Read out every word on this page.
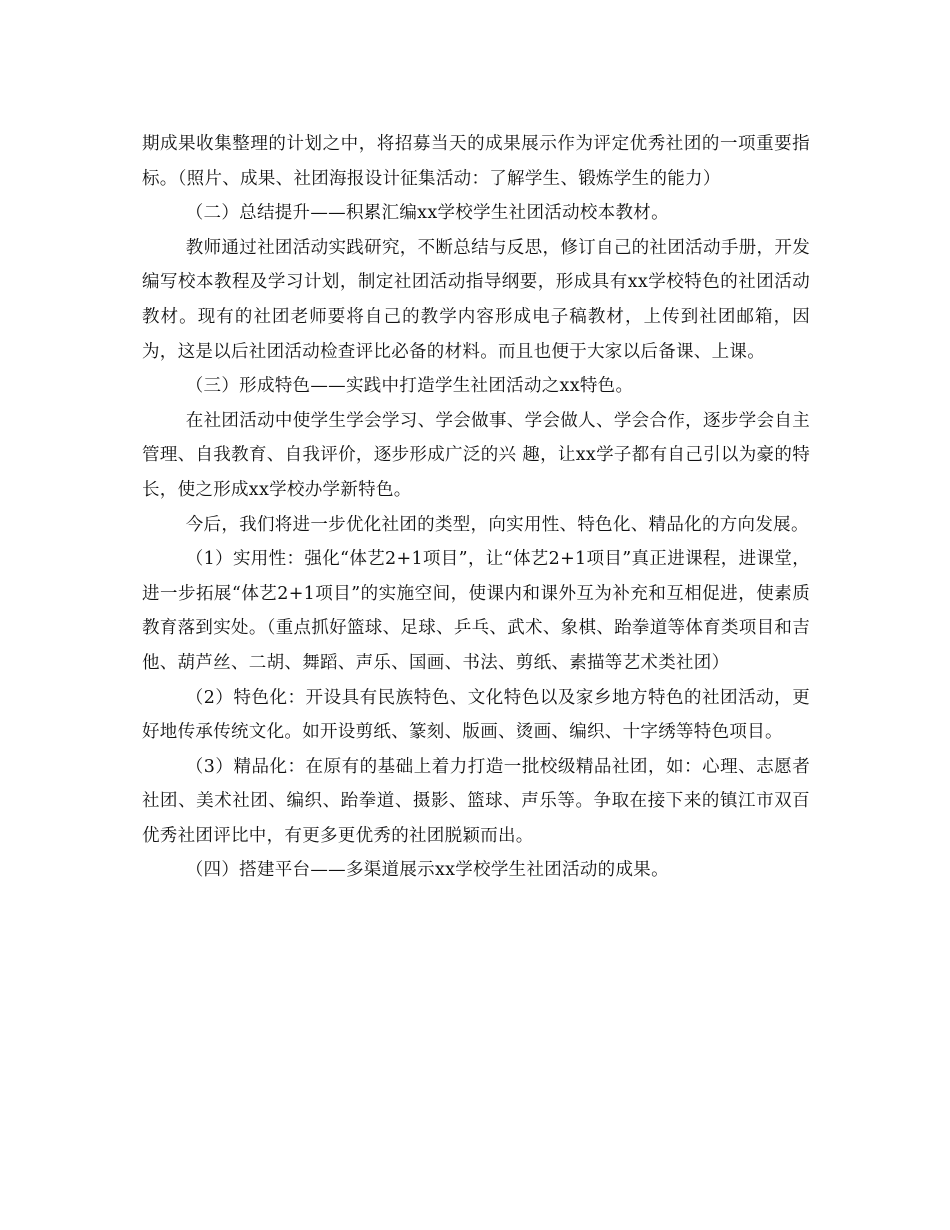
期成果收集整理的计划之中，将招募当天的成果展示作为评定优秀社团的一项重要指标。（照片、成果、社团海报设计征集活动：了解学生、锻炼学生的能力）

（二）总结提升——积累汇编xx学校学生社团活动校本教材。

教师通过社团活动实践研究，不断总结与反思，修订自己的社团活动手册，开发编写校本教程及学习计划，制定社团活动指导纲要，形成具有xx学校特色的社团活动教材。现有的社团老师要将自己的教学内容形成电子稿教材，上传到社团邮箱，因为，这是以后社团活动检查评比必备的材料。而且也便于大家以后备课、上课。

（三）形成特色——实践中打造学生社团活动之xx特色。

在社团活动中使学生学会学习、学会做事、学会做人、学会合作，逐步学会自主管理、自我教育、自我评价，逐步形成广泛的兴 趣，让xx学子都有自己引以为豪的特长，使之形成xx学校办学新特色。

今后，我们将进一步优化社团的类型，向实用性、特色化、精品化的方向发展。

（1）实用性：强化“体艺2+1项目”，让“体艺2+1项目”真正进课程，进课堂，进一步拓展“体艺2+1项目”的实施空间，使课内和课外互为补充和互相促进，使素质教育落到实处。（重点抓好篮球、足球、乒乓、武术、象棋、跆拳道等体育类项目和吉他、葫芦丝、二胡、舞蹈、声乐、国画、书法、剪纸、素描等艺术类社团）

（2）特色化：开设具有民族特色、文化特色以及家乡地方特色的社团活动，更好地传承传统文化。如开设剪纸、篆刻、版画、烫画、编织、十字绣等特色项目。

（3）精品化：在原有的基础上着力打造一批校级精品社团，如：心理、志愿者社团、美术社团、编织、跆拳道、摄影、篮球、声乐等。争取在接下来的镇江市双百优秀社团评比中，有更多更优秀的社团脱颖而出。

（四）搭建平台——多渠道展示xx学校学生社团活动的成果。
